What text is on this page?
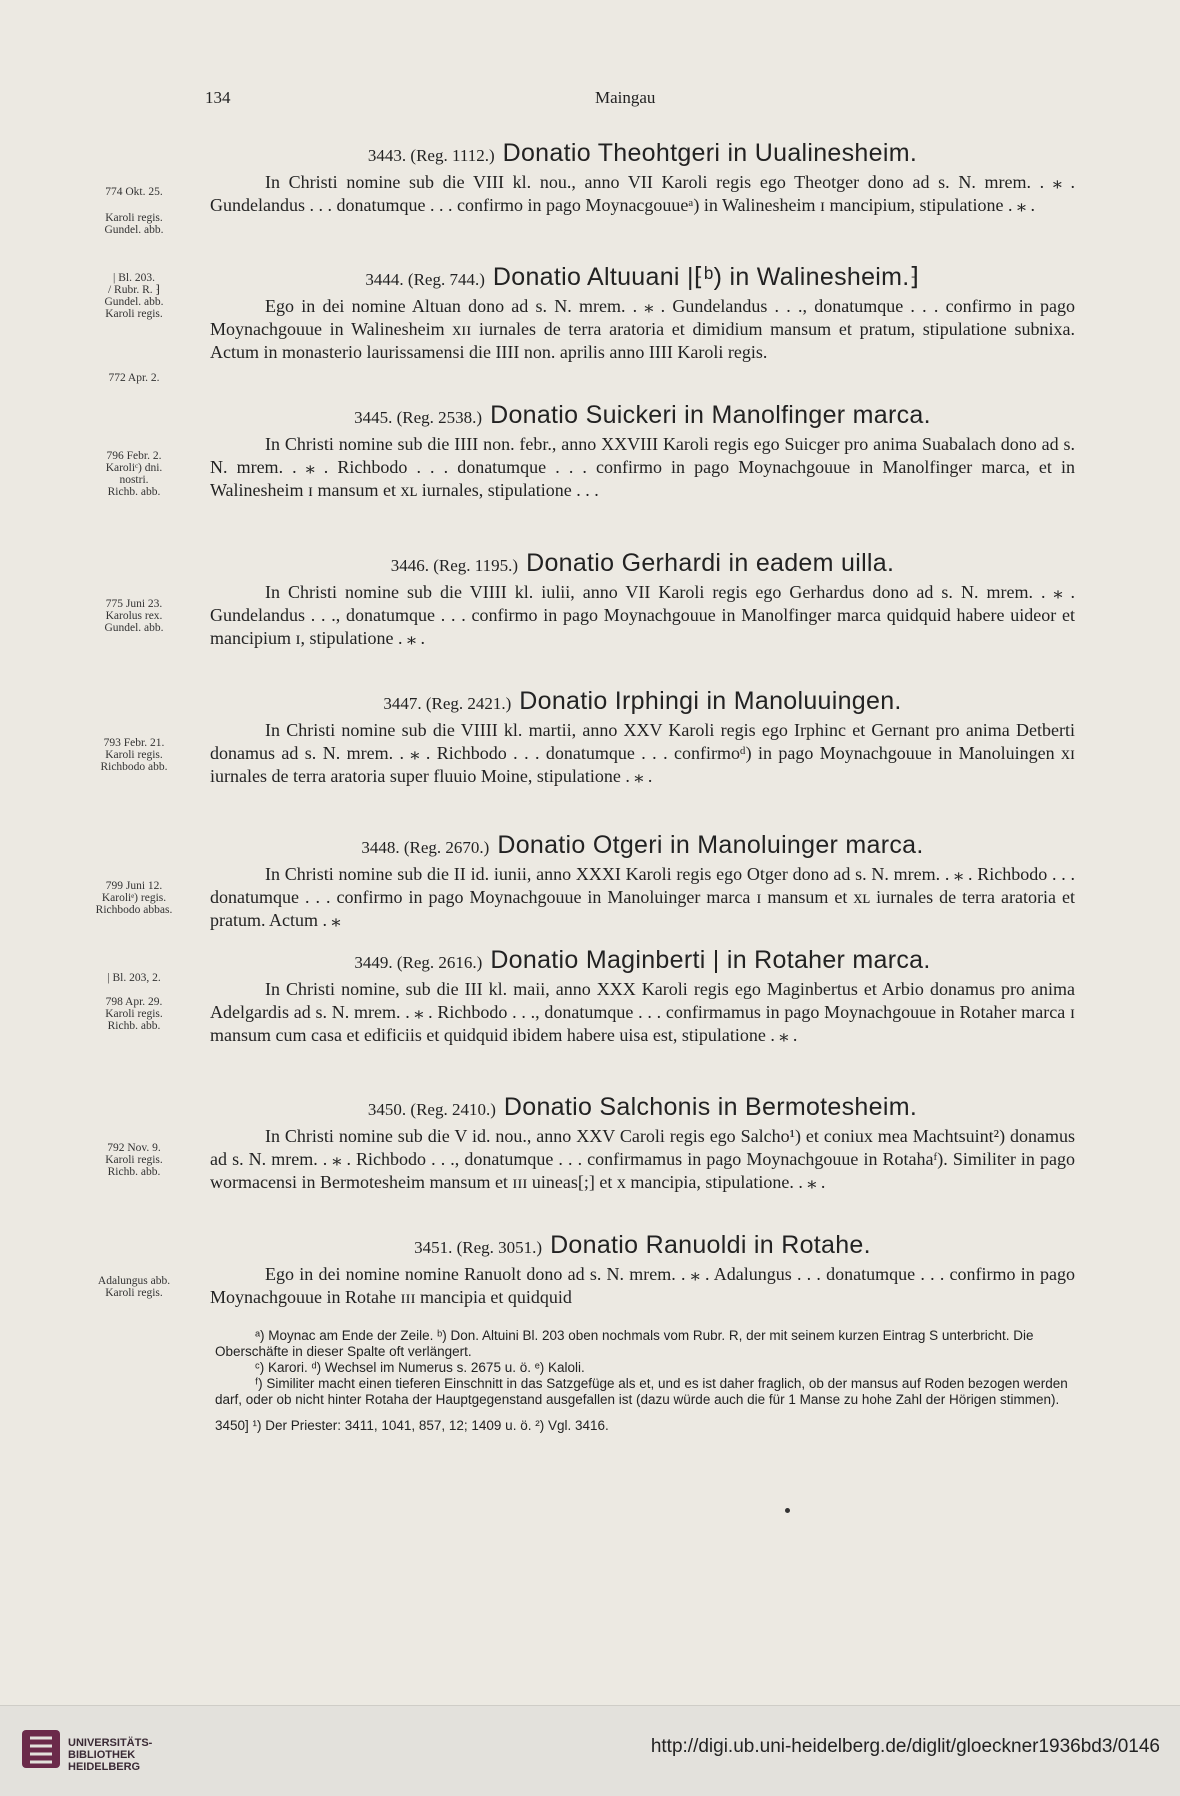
134	Maingau
774 Okt. 25.
Karoli regis.
Gundel. abb.
3443. (Reg. 1112.) Donatio Theohtgeri in Uualinesheim.
In Christi nomine sub die VIII kl. nou., anno VII Karoli regis ego Theotger dono ad s. N. mrem. . ⁎ . Gundelandus . . . donatumque . . . confirmo in pago Moynacgouueᵃ) in Walinesheim ɪ mancipium, stipulatione . ⁎ .
| Bl. 203.
/ Rubr. R. ⁆
Gundel. abb.
Karoli regis.
772 Apr. 2.
3444. (Reg. 744.) Donatio Altuuani |⁅ᵇ) in Walinesheim.⁆
Ego in dei nomine Altuan dono ad s. N. mrem. . ⁎ . Gundelandus . . ., donatumque . . . confirmo in pago Moynachgouue in Walinesheim xɪɪ iurnales de terra aratoria et dimidium mansum et pratum, stipulatione subnixa. Actum in monasterio laurissamensi die IIII non. aprilis anno IIII Karoli regis.
796 Febr. 2.
Karoliᶜ) dni.
nostri.
Richb. abb.
3445. (Reg. 2538.) Donatio Suickeri in Manolfinger marca.
In Christi nomine sub die IIII non. febr., anno XXVIII Karoli regis ego Suicger pro anima Suabalach dono ad s. N. mrem. . ⁎ . Richbodo . . . donatumque . . . confirmo in pago Moynachgouue in Manolfinger marca, et in Walinesheim ɪ mansum et xʟ iurnales, stipulatione . . .
775 Juni 23.
Karolus rex.
Gundel. abb.
3446. (Reg. 1195.) Donatio Gerhardi in eadem uilla.
In Christi nomine sub die VIIII kl. iulii, anno VII Karoli regis ego Gerhardus dono ad s. N. mrem. . ⁎ . Gundelandus . . ., donatumque . . . confirmo in pago Moynachgouue in Manolfinger marca quidquid habere uideor et mancipium ɪ, stipulatione . ⁎ .
793 Febr. 21.
Karoli regis.
Richbodo abb.
3447. (Reg. 2421.) Donatio Irphingi in Manoluuingen.
In Christi nomine sub die VIIII kl. martii, anno XXV Karoli regis ego Irphinc et Gernant pro anima Detberti donamus ad s. N. mrem. . ⁎ . Richbodo . . . donatumque . . . confirmoᵈ) in pago Moynachgouue in Manoluingen xɪ iurnales de terra aratoria super fluuio Moine, stipulatione . ⁎ .
799 Juni 12.
Karoliᵉ) regis.
Richbodo abbas.
3448. (Reg. 2670.) Donatio Otgeri in Manoluinger marca.
In Christi nomine sub die II id. iunii, anno XXXI Karoli regis ego Otger dono ad s. N. mrem. . ⁎ . Richbodo . . . donatumque . . . confirmo in pago Moynachgouue in Manoluinger marca ɪ mansum et xʟ iurnales de terra aratoria et pratum. Actum . ⁎
| Bl. 203, 2.
798 Apr. 29.
Karoli regis.
Richb. abb.
3449. (Reg. 2616.) Donatio Maginberti | in Rotaher marca.
In Christi nomine, sub die III kl. maii, anno XXX Karoli regis ego Maginbertus et Arbio donamus pro anima Adelgardis ad s. N. mrem. . ⁎ . Richbodo . . ., donatumque . . . confirmamus in pago Moynachgouue in Rotaher marca ɪ mansum cum casa et edificiis et quidquid ibidem habere uisa est, stipulatione . ⁎ .
792 Nov. 9.
Karoli regis.
Richb. abb.
3450. (Reg. 2410.) Donatio Salchonis in Bermotesheim.
In Christi nomine sub die V id. nou., anno XXV Caroli regis ego Salcho¹) et coniux mea Machtsuint²) donamus ad s. N. mrem. . ⁎ . Richbodo . . ., donatumque . . . confirmamus in pago Moynachgouue in Rotahaᶠ). Similiter in pago wormacensi in Bermotesheim mansum et ɪɪɪ uineas[;] et x mancipia, stipulatione. . ⁎ .
Adalungus abb.
Karoli regis.
3451. (Reg. 3051.) Donatio Ranuoldi in Rotahe.
Ego in dei nomine nomine Ranuolt dono ad s. N. mrem. . ⁎ . Adalungus . . . donatumque . . . confirmo in pago Moynachgouue in Rotahe ɪɪɪ mancipia et quidquid

ᵃ) Moynac am Ende der Zeile. ᵇ) Don. Altuini Bl. 203 oben nochmals vom Rubr. R, der mit seinem kurzen Eintrag S unterbricht. Die Oberschäfte in dieser Spalte oft verlängert.

ᶜ) Karori. ᵈ) Wechsel im Numerus s. 2675 u. ö. ᵉ) Kaloli.

ᶠ) Similiter macht einen tieferen Einschnitt in das Satzgefüge als et, und es ist daher fraglich, ob der mansus auf Roden bezogen werden darf, oder ob nicht hinter Rotaha der Hauptgegenstand ausgefallen ist (dazu würde auch die für 1 Manse zu hohe Zahl der Hörigen stimmen).

3450] ¹) Der Priester: 3411, 1041, 857, 12; 1409 u. ö. ²) Vgl. 3416.

UNIVERSITÄTS-
BIBLIOTHEK
HEIDELBERG
http://digi.ub.uni-heidelberg.de/diglit/gloeckner1936bd3/0146
